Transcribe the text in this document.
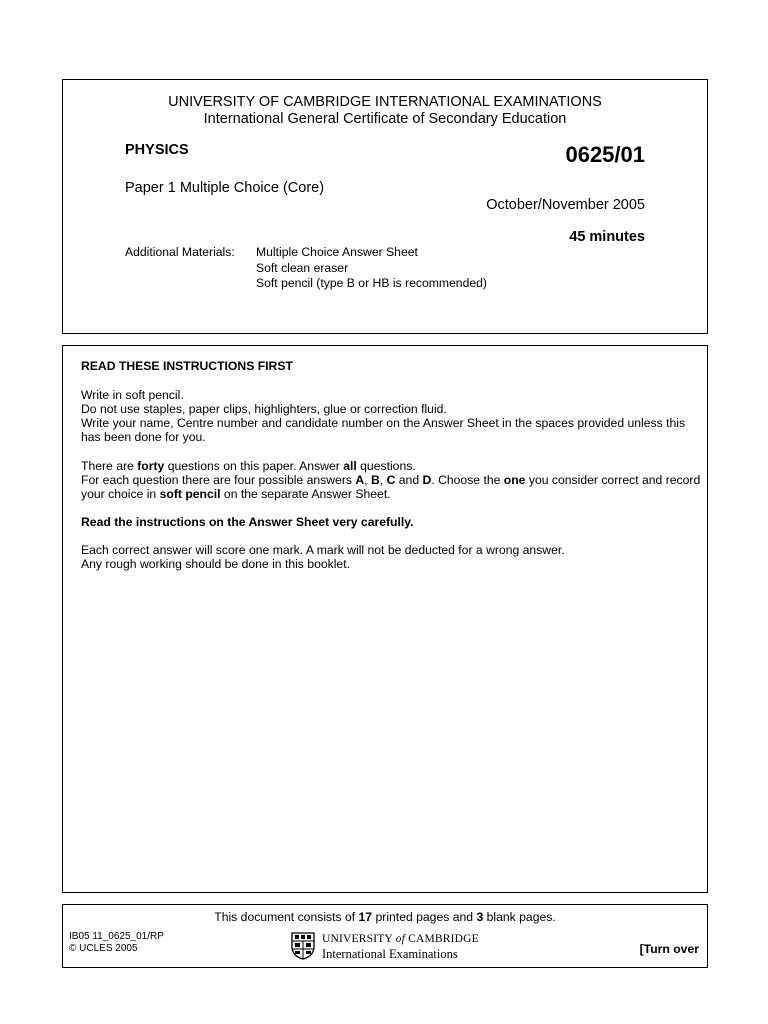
UNIVERSITY OF CAMBRIDGE INTERNATIONAL EXAMINATIONS
International General Certificate of Secondary Education
PHYSICS	0625/01
Paper 1 Multiple Choice (Core)
October/November 2005
45 minutes
Additional Materials: Multiple Choice Answer Sheet
Soft clean eraser
Soft pencil (type B or HB is recommended)
READ THESE INSTRUCTIONS FIRST

Write in soft pencil.

Do not use staples, paper clips, highlighters, glue or correction fluid.

Write your name, Centre number and candidate number on the Answer Sheet in the spaces provided unless this has been done for you.

There are forty questions on this paper. Answer all questions.

For each question there are four possible answers A, B, C and D. Choose the one you consider correct and record your choice in soft pencil on the separate Answer Sheet.

Read the instructions on the Answer Sheet very carefully.

Each correct answer will score one mark. A mark will not be deducted for a wrong answer.

Any rough working should be done in this booklet.

This document consists of 17 printed pages and 3 blank pages.
IB05 11_0625_01/RP
© UCLES 2005
UNIVERSITY of CAMBRIDGE
International Examinations	[Turn over
